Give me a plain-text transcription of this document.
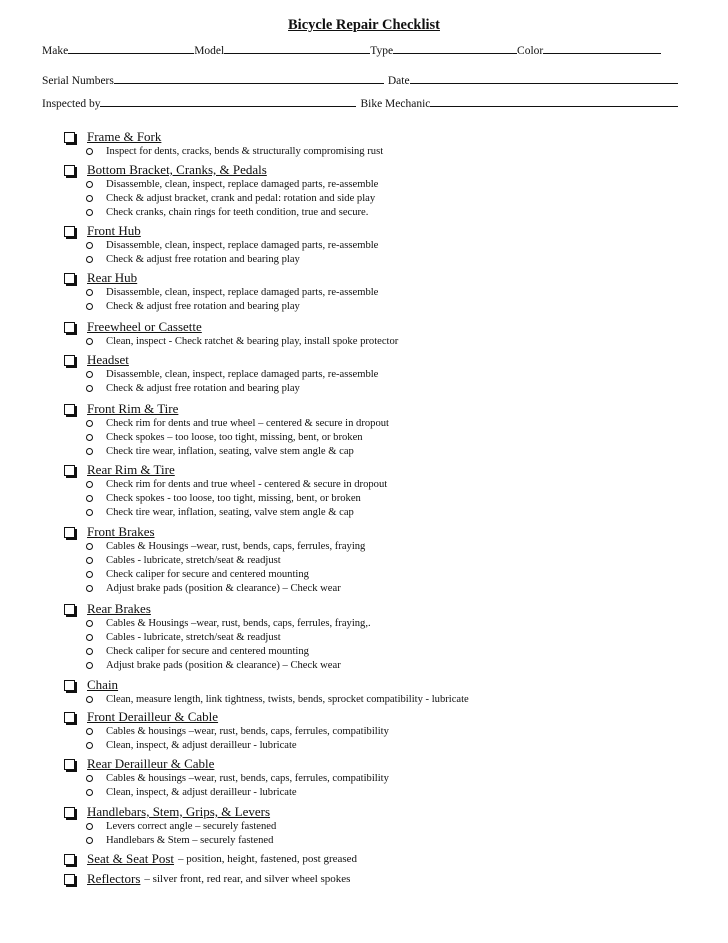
Bicycle Repair Checklist
Make	Model	Type	Color
Serial Numbers	Date
Inspected by	Bike Mechanic
Frame & Fork
Inspect for dents, cracks, bends & structurally compromising rust
Bottom Bracket, Cranks, & Pedals
Disassemble, clean, inspect, replace damaged parts, re-assemble
Check & adjust bracket, crank and pedal: rotation and side play
Check cranks, chain rings for teeth condition, true and secure.
Front Hub
Disassemble, clean, inspect, replace damaged parts, re-assemble
Check & adjust free rotation and bearing play
Rear Hub
Disassemble, clean, inspect, replace damaged parts, re-assemble
Check & adjust free rotation and bearing play
Freewheel or Cassette
Clean, inspect - Check ratchet & bearing play, install spoke protector
Headset
Disassemble, clean, inspect, replace damaged parts, re-assemble
Check & adjust free rotation and bearing play
Front Rim & Tire
Check rim for dents and true wheel – centered & secure in dropout
Check spokes – too loose, too tight, missing, bent, or broken
Check tire wear, inflation, seating, valve stem angle & cap
Rear Rim & Tire
Check rim for dents and true wheel - centered & secure in dropout
Check spokes - too loose, too tight, missing, bent, or broken
Check tire wear, inflation, seating, valve stem angle & cap
Front Brakes
Cables & Housings –wear, rust, bends, caps, ferrules, fraying
Cables - lubricate, stretch/seat & readjust
Check caliper for secure and centered mounting
Adjust brake pads (position & clearance) – Check wear
Rear Brakes
Cables & Housings –wear, rust, bends, caps, ferrules, fraying,.
Cables - lubricate, stretch/seat & readjust
Check caliper for secure and centered mounting
Adjust brake pads (position & clearance) – Check wear
Chain
Clean, measure length, link tightness, twists, bends, sprocket compatibility - lubricate
Front Derailleur & Cable
Cables & housings –wear, rust, bends, caps, ferrules, compatibility
Clean, inspect, & adjust derailleur - lubricate
Rear Derailleur & Cable
Cables & housings –wear, rust, bends, caps, ferrules, compatibility
Clean, inspect, & adjust derailleur - lubricate
Handlebars, Stem, Grips, & Levers
Levers correct angle – securely fastened
Handlebars & Stem – securely fastened
Seat & Seat Post – position, height, fastened, post greased
Reflectors – silver front, red rear, and silver wheel spokes
